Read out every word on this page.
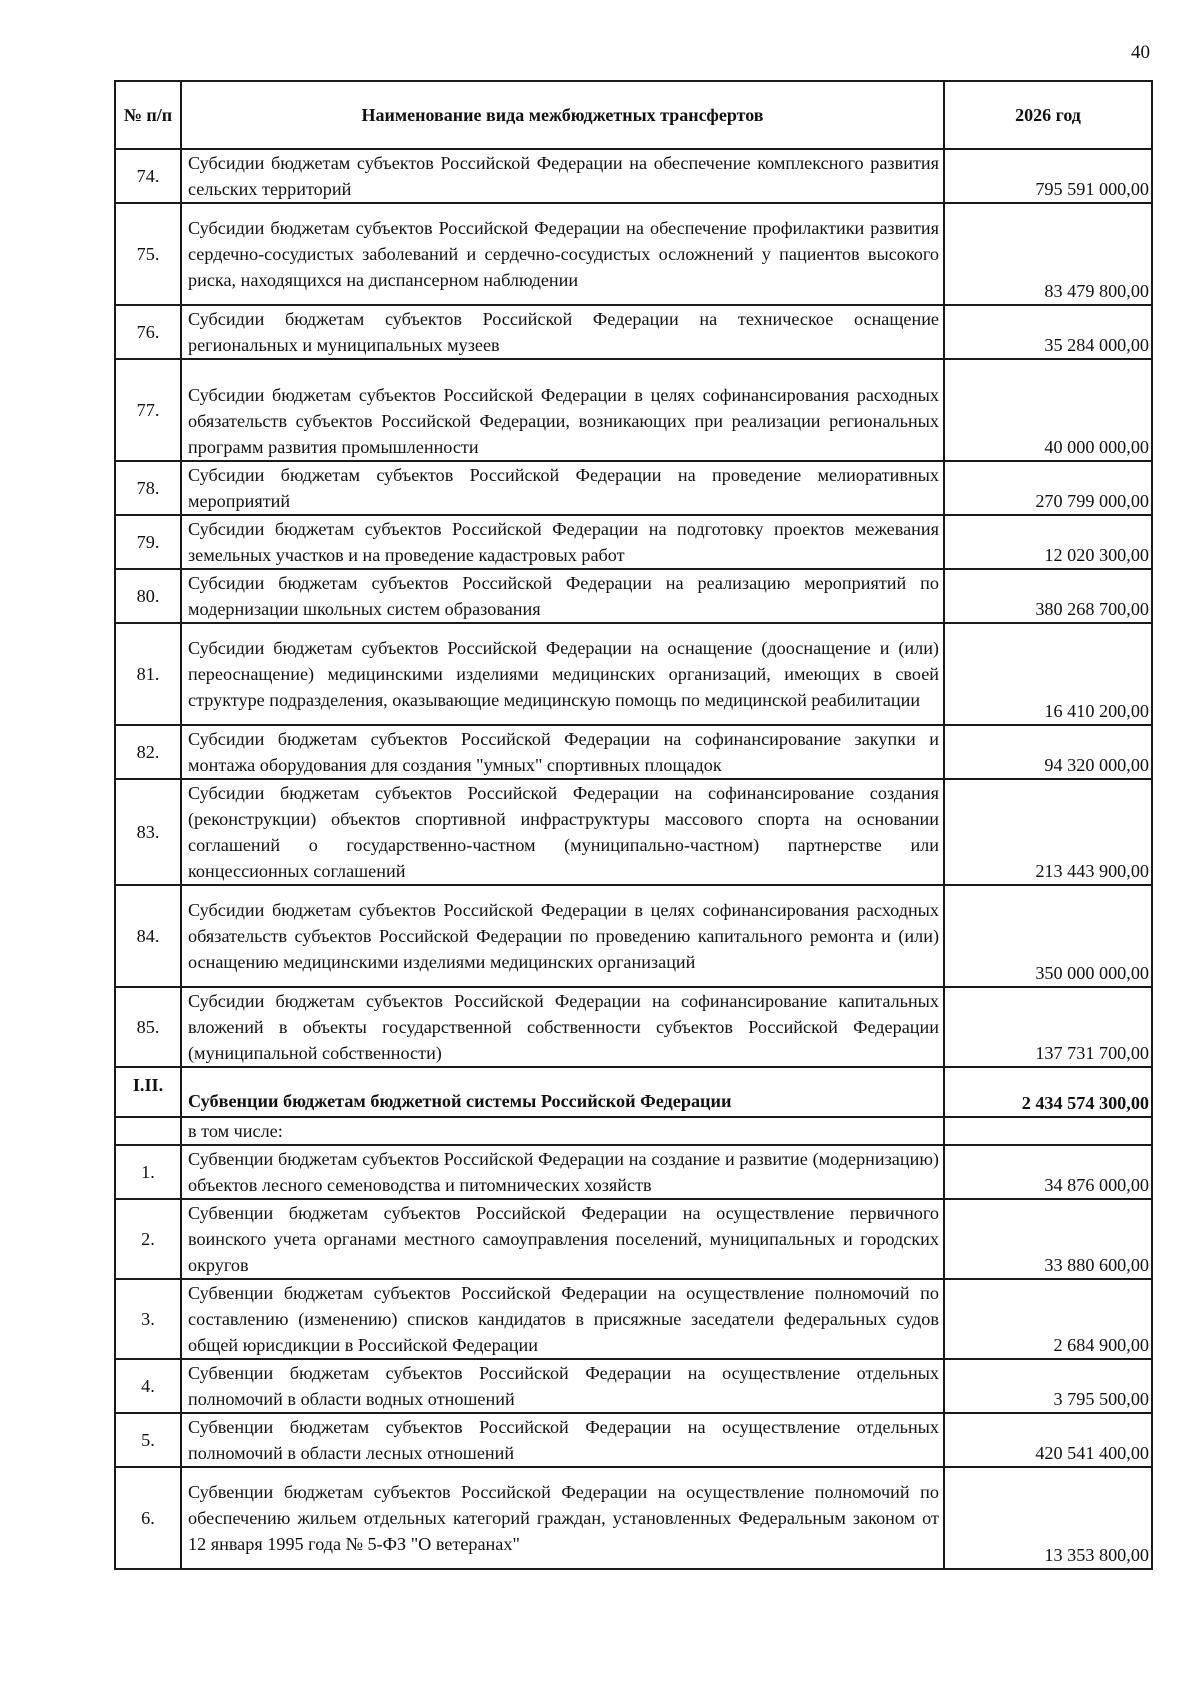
40
№ п/п	Наименование вида межбюджетных трансфертов	2026 год
74.	Субсидии бюджетам субъектов Российской Федерации на обеспечение комплексного развития сельских территорий	795 591 000,00
75.	Субсидии бюджетам субъектов Российской Федерации на обеспечение профилактики развития сердечно-сосудистых заболеваний и сердечно-сосудистых осложнений у пациентов высокого риска, находящихся на диспансерном наблюдении	83 479 800,00
76.	Субсидии бюджетам субъектов Российской Федерации на техническое оснащение региональных и муниципальных музеев	35 284 000,00
77.	Субсидии бюджетам субъектов Российской Федерации в целях софинансирования расходных обязательств субъектов Российской Федерации, возникающих при реализации региональных программ развития промышленности	40 000 000,00
78.	Субсидии бюджетам субъектов Российской Федерации на проведение мелиоративных мероприятий	270 799 000,00
79.	Субсидии бюджетам субъектов Российской Федерации на подготовку проектов межевания земельных участков и на проведение кадастровых работ	12 020 300,00
80.	Субсидии бюджетам субъектов Российской Федерации на реализацию мероприятий по модернизации школьных систем образования	380 268 700,00
81.	Субсидии бюджетам субъектов Российской Федерации на оснащение (дооснащение и (или) переоснащение) медицинскими изделиями медицинских организаций, имеющих в своей структуре подразделения, оказывающие медицинскую помощь по медицинской реабилитации	16 410 200,00
82.	Субсидии бюджетам субъектов Российской Федерации на софинансирование закупки и монтажа оборудования для создания "умных" спортивных площадок	94 320 000,00
83.	Субсидии бюджетам субъектов Российской Федерации на софинансирование создания (реконструкции) объектов спортивной инфраструктуры массового спорта на основании соглашений о государственно-частном (муниципально-частном) партнерстве или концессионных соглашений	213 443 900,00
84.	Субсидии бюджетам субъектов Российской Федерации в целях софинансирования расходных обязательств субъектов Российской Федерации по проведению капитального ремонта и (или) оснащению медицинскими изделиями медицинских организаций	350 000 000,00
85.	Субсидии бюджетам субъектов Российской Федерации на софинансирование капитальных вложений в объекты государственной собственности субъектов Российской Федерации (муниципальной собственности)	137 731 700,00
I.II.	Субвенции бюджетам бюджетной системы Российской Федерации	2 434 574 300,00
	в том числе:	
1.	Субвенции бюджетам субъектов Российской Федерации на создание и развитие (модернизацию) объектов лесного семеноводства и питомнических хозяйств	34 876 000,00
2.	Субвенции бюджетам субъектов Российской Федерации на осуществление первичного воинского учета органами местного самоуправления поселений, муниципальных и городских округов	33 880 600,00
3.	Субвенции бюджетам субъектов Российской Федерации на осуществление полномочий по составлению (изменению) списков кандидатов в присяжные заседатели федеральных судов общей юрисдикции в Российской Федерации	2 684 900,00
4.	Субвенции бюджетам субъектов Российской Федерации на осуществление отдельных полномочий в области водных отношений	3 795 500,00
5.	Субвенции бюджетам субъектов Российской Федерации на осуществление отдельных полномочий в области лесных отношений	420 541 400,00
6.	Субвенции бюджетам субъектов Российской Федерации на осуществление полномочий по обеспечению жильем отдельных категорий граждан, установленных Федеральным законом от 12 января 1995 года № 5-ФЗ "О ветеранах"	13 353 800,00
